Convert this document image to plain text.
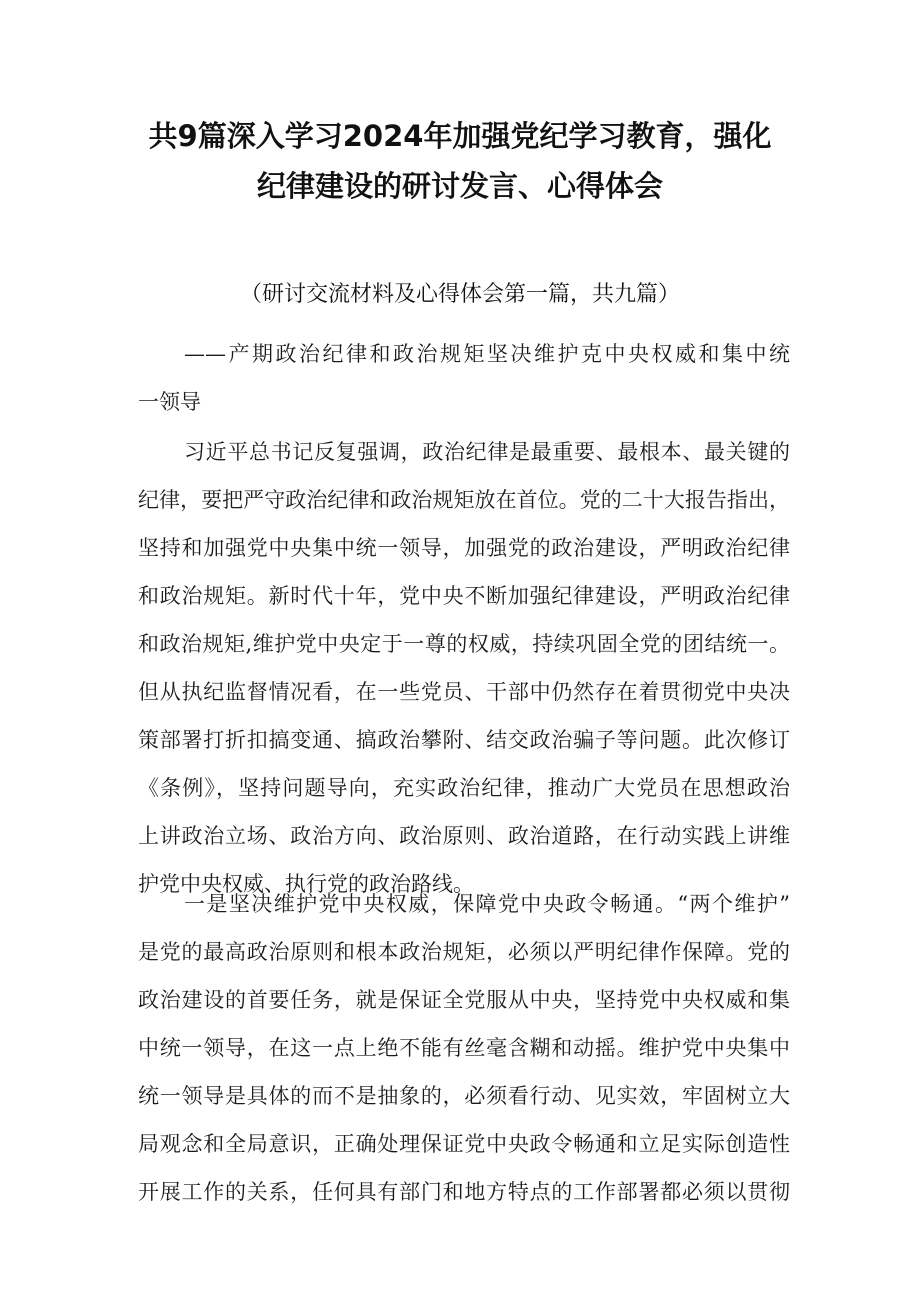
共9篇深入学习2024年加强党纪学习教育，强化
纪律建设的研讨发言、心得体会
（研讨交流材料及心得体会第一篇，共九篇）
——产期政治纪律和政治规矩坚决维护克中央权威和集中统
一领导
习近平总书记反复强调，政治纪律是最重要、最根本、最关键的
纪律，要把严守政治纪律和政治规矩放在首位。党的二十大报告指出，
坚持和加强党中央集中统一领导，加强党的政治建设，严明政治纪律
和政治规矩。新时代十年，党中央不断加强纪律建设，严明政治纪律
和政治规矩,维护党中央定于一尊的权威，持续巩固全党的团结统一。
但从执纪监督情况看，在一些党员、干部中仍然存在着贯彻党中央决
策部署打折扣搞变通、搞政治攀附、结交政治骗子等问题。此次修订
《条例》，坚持问题导向，充实政治纪律，推动广大党员在思想政治
上讲政治立场、政治方向、政治原则、政治道路，在行动实践上讲维
护党中央权威、执行党的政治路线。
一是坚决维护党中央权威，保障党中央政令畅通。“两个维护”
是党的最高政治原则和根本政治规矩，必须以严明纪律作保障。党的
政治建设的首要任务，就是保证全党服从中央，坚持党中央权威和集
中统一领导，在这一点上绝不能有丝毫含糊和动摇。维护党中央集中
统一领导是具体的而不是抽象的，必须看行动、见实效，牢固树立大
局观念和全局意识，正确处理保证党中央政令畅通和立足实际创造性
开展工作的关系，任何具有部门和地方特点的工作部署都必须以贯彻
